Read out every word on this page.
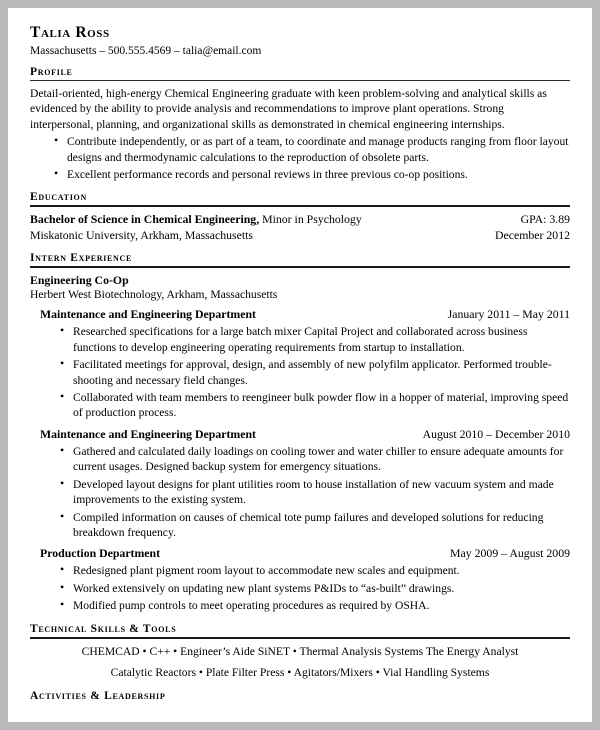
Talia Ross
Massachusetts – 500.555.4569 – talia@email.com
Profile

Detail-oriented, high-energy Chemical Engineering graduate with keen problem-solving and analytical skills as evidenced by the ability to provide analysis and recommendations to improve plant operations. Strong interpersonal, planning, and organizational skills as demonstrated in chemical engineering internships.

• Contribute independently, or as part of a team, to coordinate and manage products ranging from floor layout designs and thermodynamic calculations to the reproduction of obsolete parts.
• Excellent performance records and personal reviews in three previous co-op positions.
Education
Bachelor of Science in Chemical Engineering, Minor in Psychology	GPA: 3.89
Miskatonic University, Arkham, Massachusetts	December 2012
Intern Experience
Engineering Co-Op
Herbert West Biotechnology, Arkham, Massachusetts
Maintenance and Engineering Department	January 2011 – May 2011
• Researched specifications for a large batch mixer Capital Project and collaborated across business functions to develop engineering operating requirements from startup to installation.
• Facilitated meetings for approval, design, and assembly of new polyfilm applicator. Performed trouble-shooting and necessary field changes.
• Collaborated with team members to reengineer bulk powder flow in a hopper of material, improving speed of production process.
Maintenance and Engineering Department	August 2010 – December 2010
• Gathered and calculated daily loadings on cooling tower and water chiller to ensure adequate amounts for current usages. Designed backup system for emergency situations.
• Developed layout designs for plant utilities room to house installation of new vacuum system and made improvements to the existing system.
• Compiled information on causes of chemical tote pump failures and developed solutions for reducing breakdown frequency.
Production Department	May 2009 – August 2009
• Redesigned plant pigment room layout to accommodate new scales and equipment.
• Worked extensively on updating new plant systems P&IDs to “as-built” drawings.
• Modified pump controls to meet operating procedures as required by OSHA.
Technical Skills & Tools
CHEMCAD • C++ • Engineer’s Aide SiNET • Thermal Analysis Systems The Energy Analyst
Catalytic Reactors • Plate Filter Press • Agitators/Mixers • Vial Handling Systems
Activities & Leadership
